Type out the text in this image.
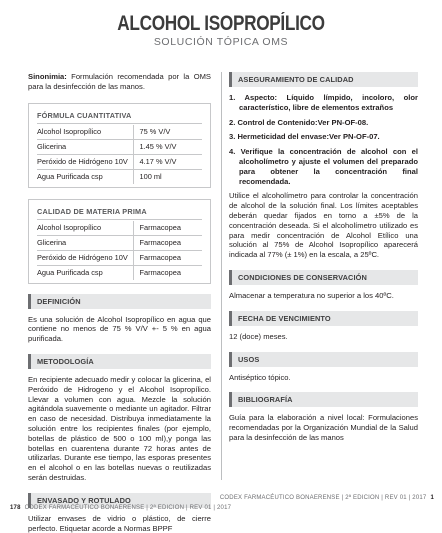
ALCOHOL ISOPROPÍLICO
SOLUCIÓN TÓPICA OMS

Sinonimia: Formulación recomendada por la OMS para la desinfección de las manos.

FÓRMULA CUANTITATIVA
Alcohol Isopropílico	75 % V/V
Glicerina	1.45 % V/V
Peróxido de Hidrógeno 10V	4.17 % V/V
Agua Purificada csp	100 ml
CALIDAD DE MATERIA PRIMA
Alcohol Isopropílico	Farmacopea
Glicerina	Farmacopea
Peróxido de Hidrógeno 10V	Farmacopea
Agua Purificada csp	Farmacopea
DEFINICIÓN

Es una solución de Alcohol Isopropílico en agua que contiene no menos de 75 % V/V +- 5 % en agua purificada.

METODOLOGÍA

En recipiente adecuado medir y colocar la glicerina, el Peróxido de Hidrogeno y el Alcohol Isopropílico. Llevar a volumen con agua. Mezcle la solución agitándola suavemente o mediante un agitador. Filtrar en caso de necesidad. Distribuya inmediatamente la solución entre los recipientes finales (por ejemplo, botellas de plástico de 500 o 100 ml),y ponga las botellas en cuarentena durante 72 horas antes de utilizarlas. Durante ese tiempo, las esporas presentes en el alcohol o en las botellas nuevas o reutilizadas serán destruidas.

ENVASADO Y ROTULADO

Utilizar envases de vidrio o plástico, de cierre perfecto. Etiquetar acorde a Normas BPPF

ASEGURAMIENTO DE CALIDAD
1. Aspecto: Líquido límpido, incoloro, olor característico, libre de elementos extraños
2. Control de Contenido:Ver PN-OF-08.
3. Hermeticidad del envase:Ver PN-OF-07.
4. Verifique la concentración de alcohol con el alcoholímetro y ajuste el volumen del preparado para obtener la concentración final recomendada.

Utilice el alcoholímetro para controlar la concentración de alcohol de la solución final. Los límites aceptables deberán quedar fijados en torno a ±5% de la concentración deseada. Si el alcoholímetro utilizado es para medir concentración de Alcohol Etílico una solución al 75% de Alcohol Isopropílico aparecerá indicada al 77% (± 1%) en la escala, a 25ºC.

CONDICIONES DE CONSERVACIÓN

Almacenar a temperatura no superior a los 40ºC.

FECHA DE VENCIMIENTO

12 (doce) meses.

USOS

Antiséptico tópico.

BIBLIOGRAFÍA

Guía para la elaboración a nivel local: Formulaciones recomendadas por la Organización Mundial de la Salud para la desinfección de las manos

CODEX FARMACÉUTICO BONAERENSE | 2ª EDICION | REV 01 | 2017 1
178 CODEX FARMACÉUTICO BONAERENSE | 2ª EDICION | REV 01 | 2017
